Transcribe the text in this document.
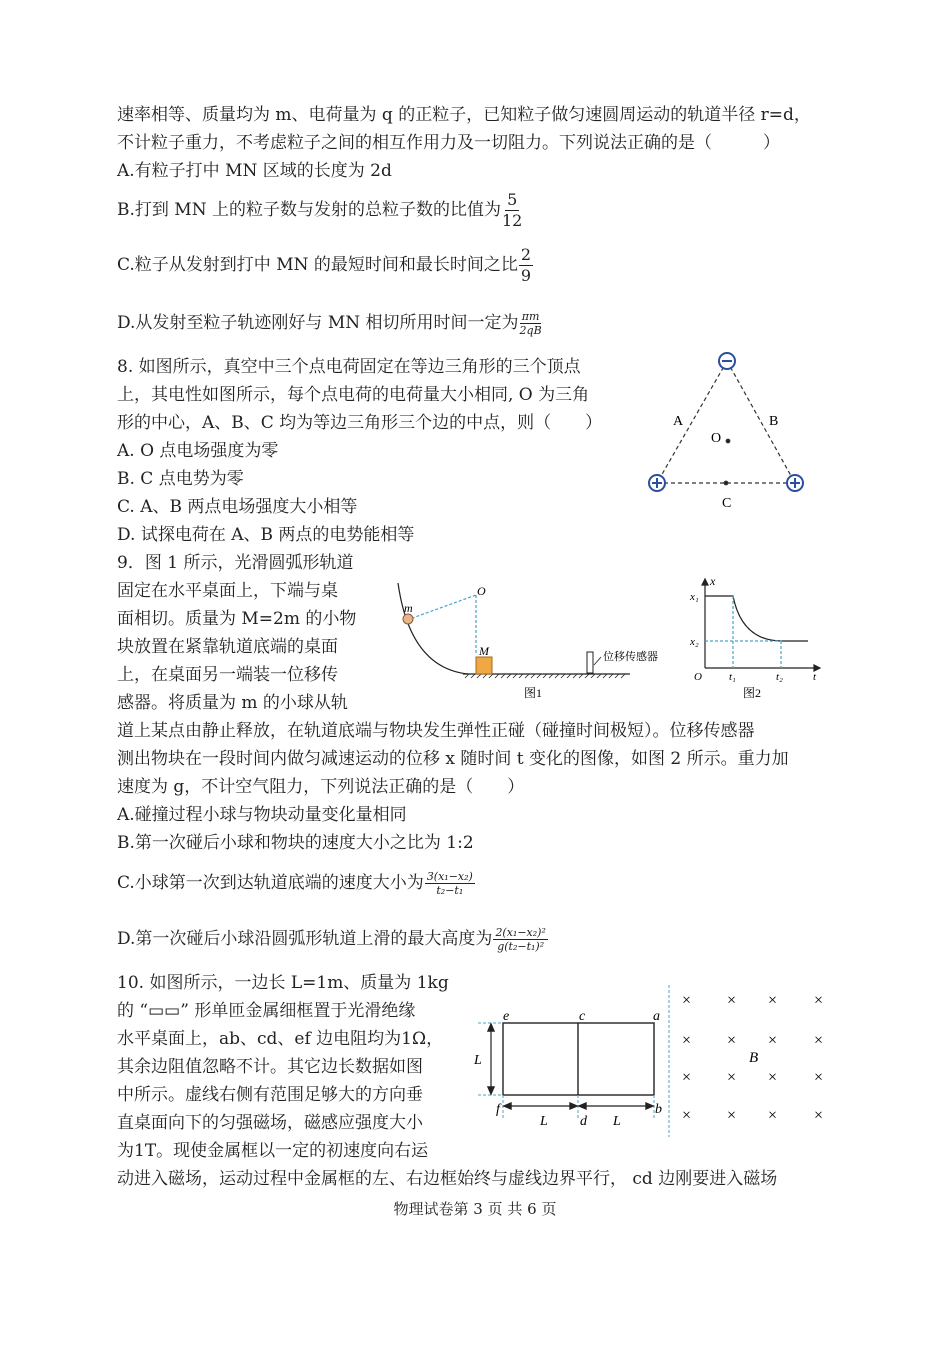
速率相等、质量均为 m、电荷量为 q 的正粒子，已知粒子做匀速圆周运动的轨道半径 r=d，
不计粒子重力，不考虑粒子之间的相互作用力及一切阻力。下列说法正确的是（　　　）
A.有粒子打中 MN 区域的长度为 2d
B.打到 MN 上的粒子数与发射的总粒子数的比值为 $\frac{5}{12}$
C.粒子从发射到打中 MN 的最短时间和最长时间之比 $\frac{2}{9}$
D.从发射至粒子轨迹刚好与 MN 相切所用时间一定为 $\frac{\pi m}{2qB}$
8. 如图所示，真空中三个点电荷固定在等边三角形的三个顶点
上，其电性如图所示，每个点电荷的电荷量大小相同, O 为三角
形的中心，A、B、C 均为等边三角形三个边的中点，则（　　）
A. O 点电场强度为零
B. C 点电势为零
C. A、B 两点电场强度大小相等
D. 试探电荷在 A、B 两点的电势能相等
9．图 1 所示，光滑圆弧形轨道
固定在水平桌面上，下端与桌
面相切。质量为 M=2m 的小物
块放置在紧靠轨道底端的桌面
上，在桌面另一端装一位移传
感器。将质量为 m 的小球从轨
道上某点由静止释放，在轨道底端与物块发生弹性正碰（碰撞时间极短）。位移传感器
测出物块在一段时间内做匀减速运动的位移 x 随时间 t 变化的图像，如图 2 所示。重力加
速度为 g，不计空气阻力，下列说法正确的是（　　）
A.碰撞过程小球与物块动量变化量相同
B.第一次碰后小球和物块的速度大小之比为 1:2
C.小球第一次到达轨道底端的速度大小为 $\frac{\text{3(x₁−x₂)}}{\text{t₂−t₁}}$
D.第一次碰后小球沿圆弧形轨道上滑的最大高度为 $\frac{\text{2(x₁−x₂)²}}{\text{g(t₂−t₁)²}}$
10. 如图所示，一边长 L=1m、质量为 1kg
的 “▭▭” 形单匝金属细框置于光滑绝缘
水平桌面上，ab、cd、ef 边电阻均为1Ω，
其余边阻值忽略不计。其它边长数据如图
中所示。虚线右侧有范围足够大的方向垂
直桌面向下的匀强磁场，磁感应强度大小
为1T。现使金属框以一定的初速度向右运
动进入磁场，运动过程中金属框的左、右边框始终与虚线边界平行， cd 边刚要进入磁场
物理试卷第 3 页 共 6 页
A	B
O
C
O
m
M	位移传感器
图1
x
x₁
x₂
O t₁	t₂	t
图2
e	c	a
f
d
b
L
L	L
B
×
×
×
×
×
×
×
×
×
×
×
×
×
×
×
×
